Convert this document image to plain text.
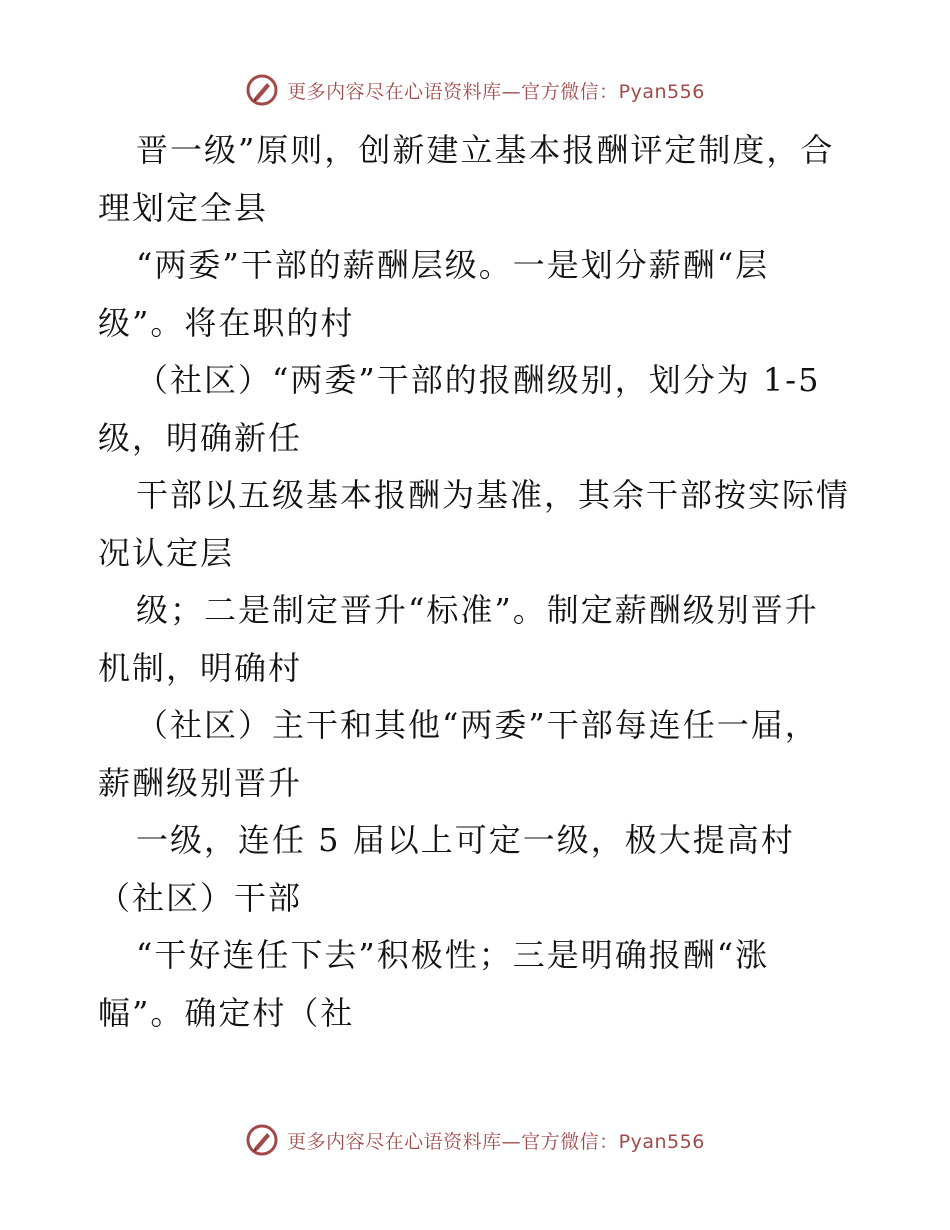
更多内容尽在心语资料库—官方微信：Pyan556
晋一级”原则，创新建立基本报酬评定制度，合
理划定全县
“两委”干部的薪酬层级。一是划分薪酬“层
级”。将在职的村
（社区）“两委”干部的报酬级别，划分为 1-5
级，明确新任
干部以五级基本报酬为基准，其余干部按实际情
况认定层
级；二是制定晋升“标准”。制定薪酬级别晋升
机制，明确村
（社区）主干和其他“两委”干部每连任一届，
薪酬级别晋升
一级，连任 5 届以上可定一级，极大提高村
（社区）干部
“干好连任下去”积极性；三是明确报酬“涨
幅”。确定村（社
更多内容尽在心语资料库—官方微信：Pyan556
